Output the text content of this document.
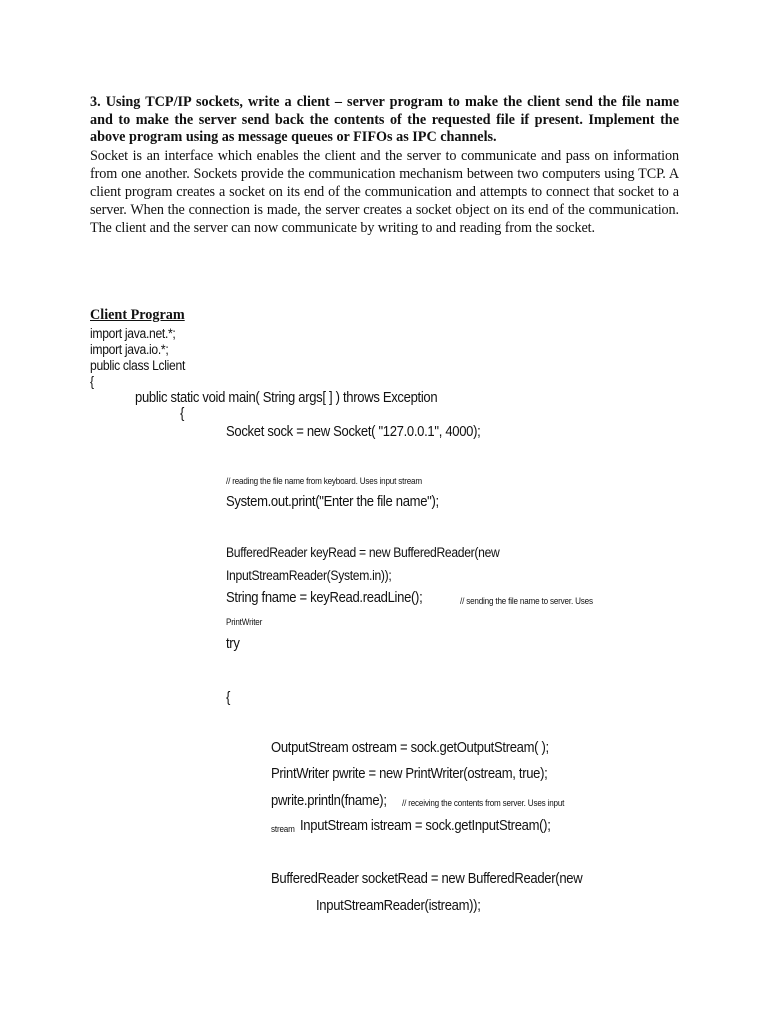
3. Using TCP/IP sockets, write a client – server program to make the client send the file name and to make the server send back the contents of the requested file if present. Implement the above program using as message queues or FIFOs as IPC channels.
Socket is an interface which enables the client and the server to communicate and pass on information from one another. Sockets provide the communication mechanism between two computers using TCP. A client program creates a socket on its end of the communication and attempts to connect that socket to a server. When the connection is made, the server creates a socket object on its end of the communication. The client and the server can now communicate by writing to and reading from the socket.
Client Program
import java.net.*;
import java.io.*;
public class Lclient
{
public static void main( String args[ ] ) throws Exception
{
Socket sock = new Socket( "127.0.0.1", 4000);
// reading the file name from keyboard. Uses input stream
System.out.print("Enter the file name");
BufferedReader keyRead = new BufferedReader(new
InputStreamReader(System.in));
String fname = keyRead.readLine();	// sending the file name to server. Uses
PrintWriter
try
{
OutputStream ostream = sock.getOutputStream( );
PrintWriter pwrite = new PrintWriter(ostream, true);
pwrite.println(fname); // receiving the contents from server. Uses input
stream InputStream istream = sock.getInputStream();
BufferedReader socketRead = new BufferedReader(new
InputStreamReader(istream));
